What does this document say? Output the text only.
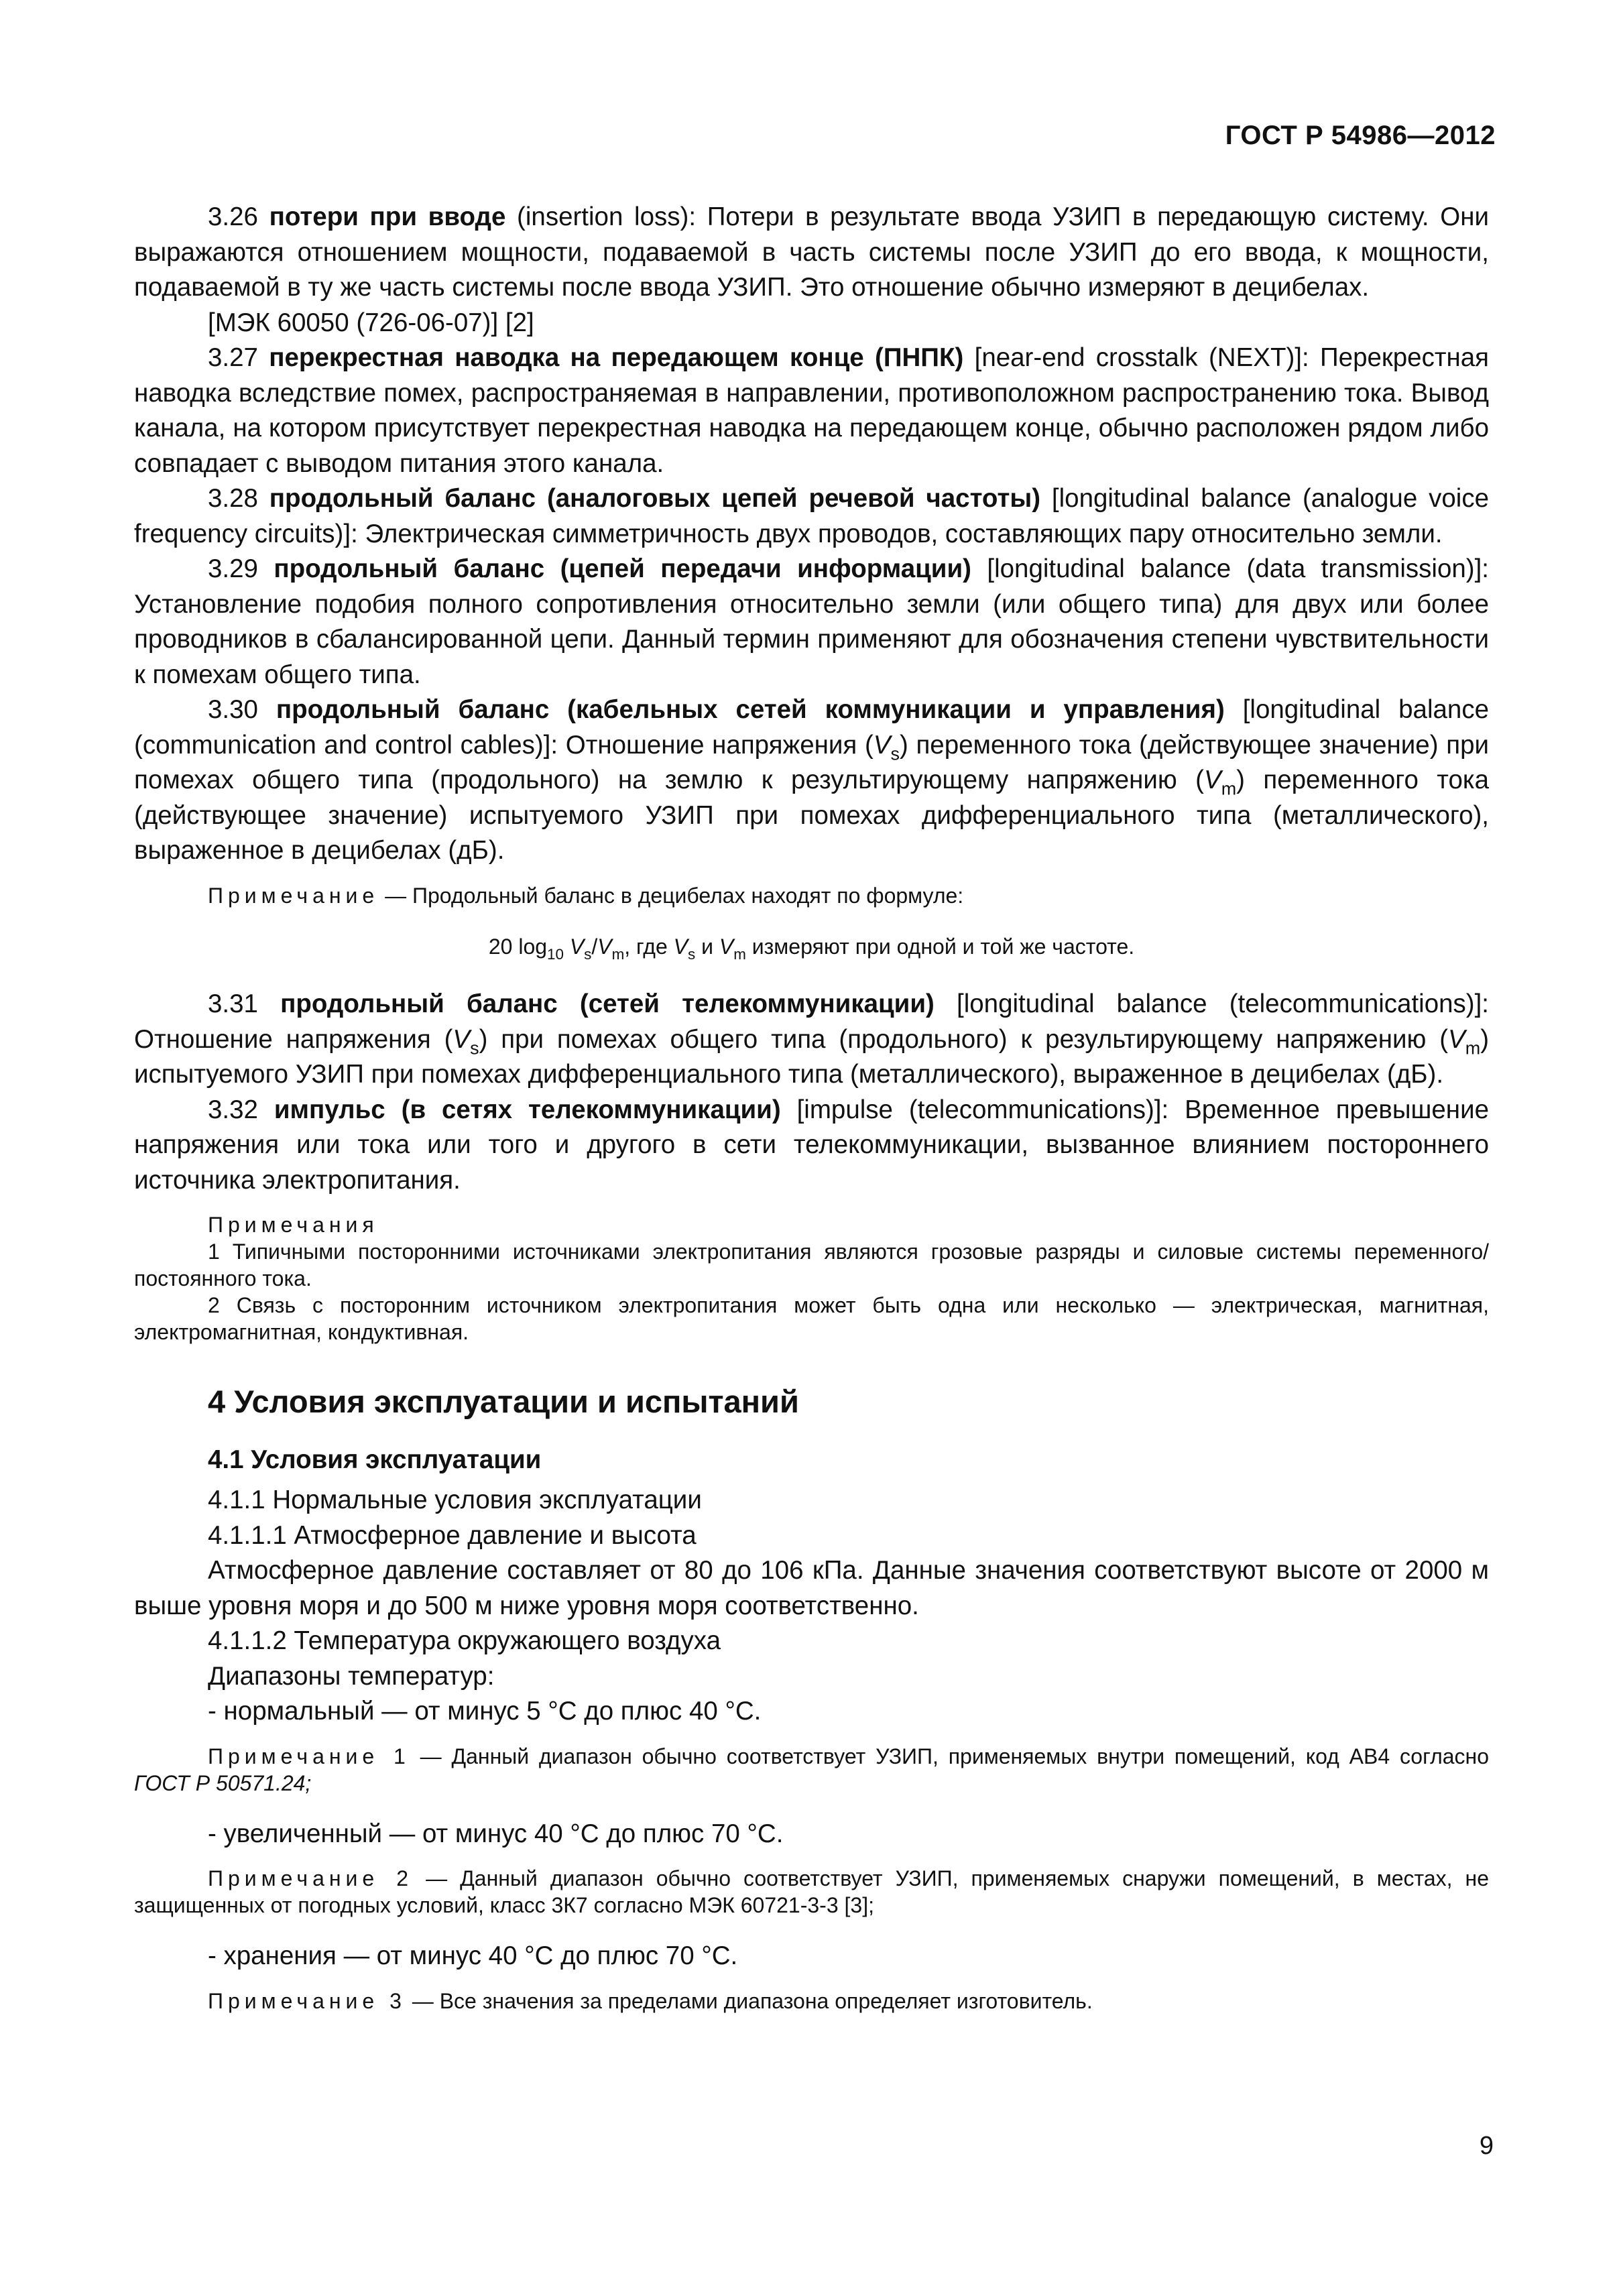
ГОСТ Р 54986—2012

3.26 потери при вводе (insertion loss): Потери в результате ввода УЗИП в передающую систему. Они выражаются отношением мощности, подаваемой в часть системы после УЗИП до его ввода, к мощности, подаваемой в ту же часть системы после ввода УЗИП. Это отношение обычно измеряют в децибелах.

[МЭК 60050 (726-06-07)] [2]

3.27 перекрестная наводка на передающем конце (ПНПК) [near-end crosstalk (NEXT)]: Перекрестная наводка вследствие помех, распространяемая в направлении, противоположном распространению тока. Вывод канала, на котором присутствует перекрестная наводка на передающем конце, обычно расположен рядом либо совпадает с выводом питания этого канала.

3.28 продольный баланс (аналоговых цепей речевой частоты) [longitudinal balance (analogue voice frequency circuits)]: Электрическая симметричность двух проводов, составляющих пару относительно земли.

3.29 продольный баланс (цепей передачи информации) [longitudinal balance (data transmission)]: Установление подобия полного сопротивления относительно земли (или общего типа) для двух или более проводников в сбалансированной цепи. Данный термин применяют для обозначения степени чувствительности к помехам общего типа.

3.30 продольный баланс (кабельных сетей коммуникации и управления) [longitudinal balance (communication and control cables)]: Отношение напряжения $(V_s)$ переменного тока (действующее значение) при помехах общего типа (продольного) на землю к результирующему напряжению $(V_m)$ переменного тока (действующее значение) испытуемого УЗИП при помехах дифференциального типа (металлического), выраженное в децибелах (дБ).

Примечание — Продольный баланс в децибелах находят по формуле:

20 $\log_{10} V_s/V_m$, где $V_s$ и $V_m$ измеряют при одной и той же частоте.

3.31 продольный баланс (сетей телекоммуникации) [longitudinal balance (telecommunications)]: Отношение напряжения $(V_s)$ при помехах общего типа (продольного) к результирующему напряжению $(V_m)$ испытуемого УЗИП при помехах дифференциального типа (металлического), выраженное в децибелах (дБ).

3.32 импульс (в сетях телекоммуникации) [impulse (telecommunications)]: Временное превышение напряжения или тока или того и другого в сети телекоммуникации, вызванное влиянием постороннего источника электропитания.

Примечания

1 Типичными посторонними источниками электропитания являются грозовые разряды и силовые системы переменного/постоянного тока.

2 Связь с посторонним источником электропитания может быть одна или несколько — электрическая, магнитная, электромагнитная, кондуктивная.

4 Условия эксплуатации и испытаний
4.1 Условия эксплуатации

4.1.1 Нормальные условия эксплуатации

4.1.1.1 Атмосферное давление и высота

Атмосферное давление составляет от 80 до 106 кПа. Данные значения соответствуют высоте от 2000 м выше уровня моря и до 500 м ниже уровня моря соответственно.

4.1.1.2 Температура окружающего воздуха

Диапазоны температур:

- нормальный — от минус 5 °С до плюс 40 °С.

Примечание 1 — Данный диапазон обычно соответствует УЗИП, применяемых внутри помещений, код АВ4 согласно ГОСТ Р 50571.24;

- увеличенный — от минус 40 °С до плюс 70 °С.

Примечание 2 — Данный диапазон обычно соответствует УЗИП, применяемых снаружи помещений, в местах, не защищенных от погодных условий, класс 3К7 согласно МЭК 60721-3-3 [3];

- хранения — от минус 40 °С до плюс 70 °С.

Примечание 3 — Все значения за пределами диапазона определяет изготовитель.

9
